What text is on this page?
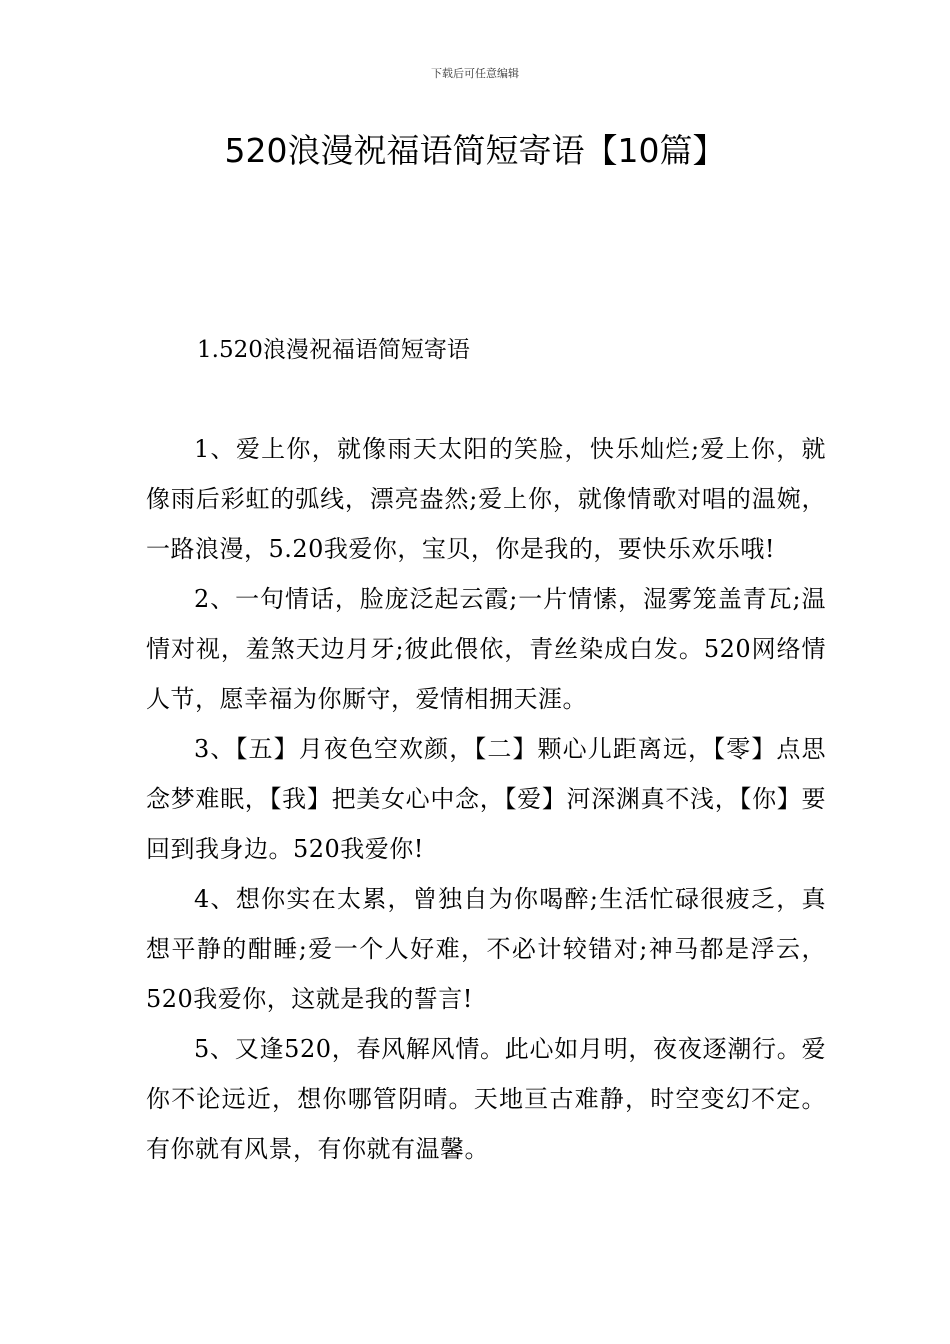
下载后可任意编辑
520浪漫祝福语简短寄语【10篇】
1.520浪漫祝福语简短寄语

1、爱上你，就像雨天太阳的笑脸，快乐灿烂;爱上你，就像雨后彩虹的弧线，漂亮盎然;爱上你，就像情歌对唱的温婉，一路浪漫，5.20我爱你，宝贝，你是我的，要快乐欢乐哦!

2、一句情话，脸庞泛起云霞;一片情愫，湿雾笼盖青瓦;温情对视，羞煞天边月牙;彼此偎依，青丝染成白发。520网络情人节，愿幸福为你厮守，爱情相拥天涯。

3、【五】月夜色空欢颜，【二】颗心儿距离远，【零】点思念梦难眠，【我】把美女心中念，【爱】河深渊真不浅，【你】要回到我身边。520我爱你!

4、想你实在太累，曾独自为你喝醉;生活忙碌很疲乏，真想平静的酣睡;爱一个人好难，不必计较错对;神马都是浮云，520我爱你，这就是我的誓言!

5、又逢520，春风解风情。此心如月明，夜夜逐潮行。爱你不论远近，想你哪管阴晴。天地亘古难静，时空变幻不定。有你就有风景，有你就有温馨。
